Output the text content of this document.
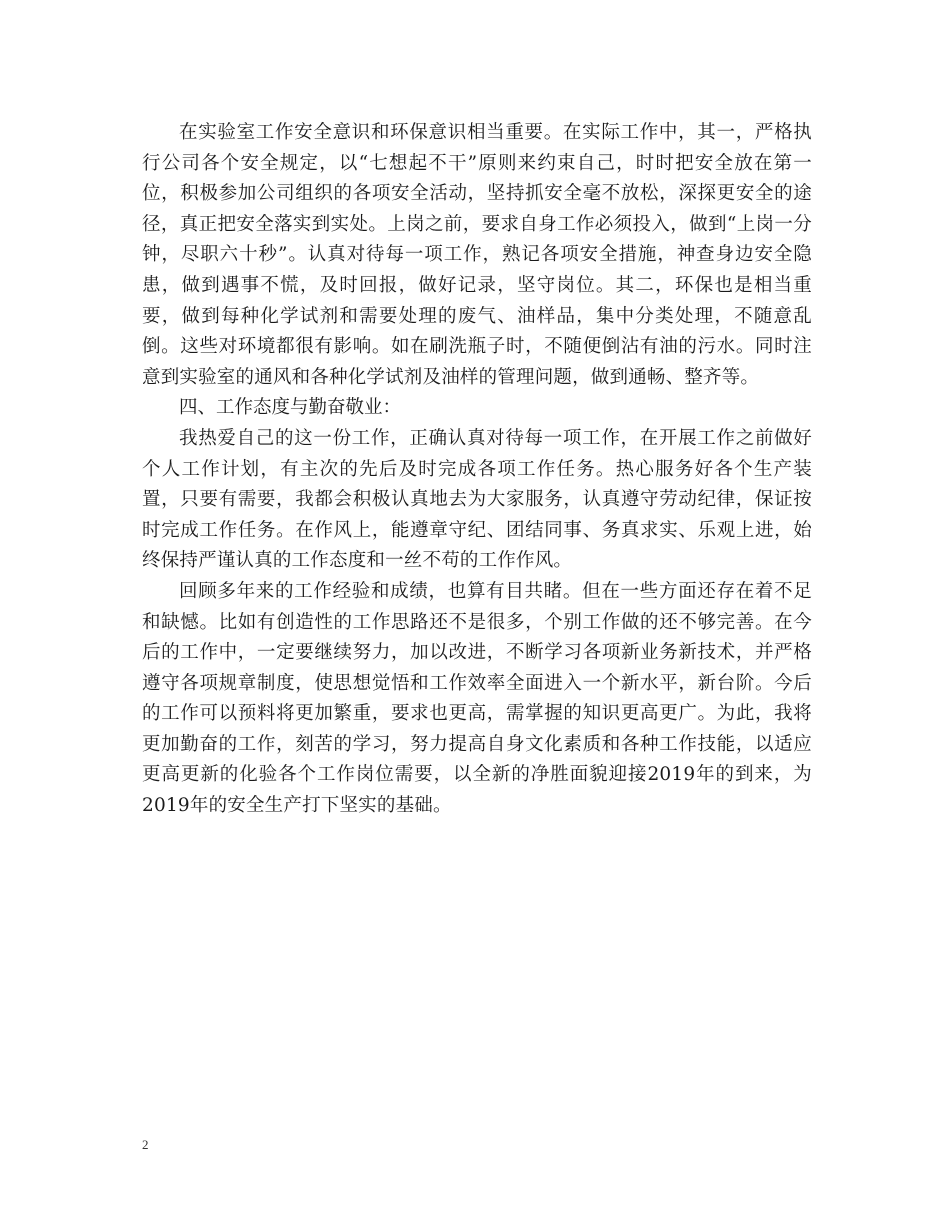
在实验室工作安全意识和环保意识相当重要。在实际工作中，其一，严格执行公司各个安全规定，以“七想起不干”原则来约束自己，时时把安全放在第一位，积极参加公司组织的各项安全活动，坚持抓安全毫不放松，深探更安全的途径，真正把安全落实到实处。上岗之前，要求自身工作必须投入，做到“上岗一分钟，尽职六十秒”。认真对待每一项工作，熟记各项安全措施，神查身边安全隐患，做到遇事不慌，及时回报，做好记录，坚守岗位。其二，环保也是相当重要，做到每种化学试剂和需要处理的废气、油样品，集中分类处理，不随意乱倒。这些对环境都很有影响。如在刷洗瓶子时，不随便倒沾有油的污水。同时注意到实验室的通风和各种化学试剂及油样的管理问题，做到通畅、整齐等。

四、工作态度与勤奋敬业：

我热爱自己的这一份工作，正确认真对待每一项工作，在开展工作之前做好个人工作计划，有主次的先后及时完成各项工作任务。热心服务好各个生产装置，只要有需要，我都会积极认真地去为大家服务，认真遵守劳动纪律，保证按时完成工作任务。在作风上，能遵章守纪、团结同事、务真求实、乐观上进，始终保持严谨认真的工作态度和一丝不苟的工作作风。

回顾多年来的工作经验和成绩，也算有目共睹。但在一些方面还存在着不足和缺憾。比如有创造性的工作思路还不是很多，个别工作做的还不够完善。在今后的工作中，一定要继续努力，加以改进，不断学习各项新业务新技术，并严格遵守各项规章制度，使思想觉悟和工作效率全面进入一个新水平，新台阶。今后的工作可以预料将更加繁重，要求也更高，需掌握的知识更高更广。为此，我将更加勤奋的工作，刻苦的学习，努力提高自身文化素质和各种工作技能，以适应更高更新的化验各个工作岗位需要，以全新的净胜面貌迎接2019年的到来，为2019年的安全生产打下坚实的基础。

2
